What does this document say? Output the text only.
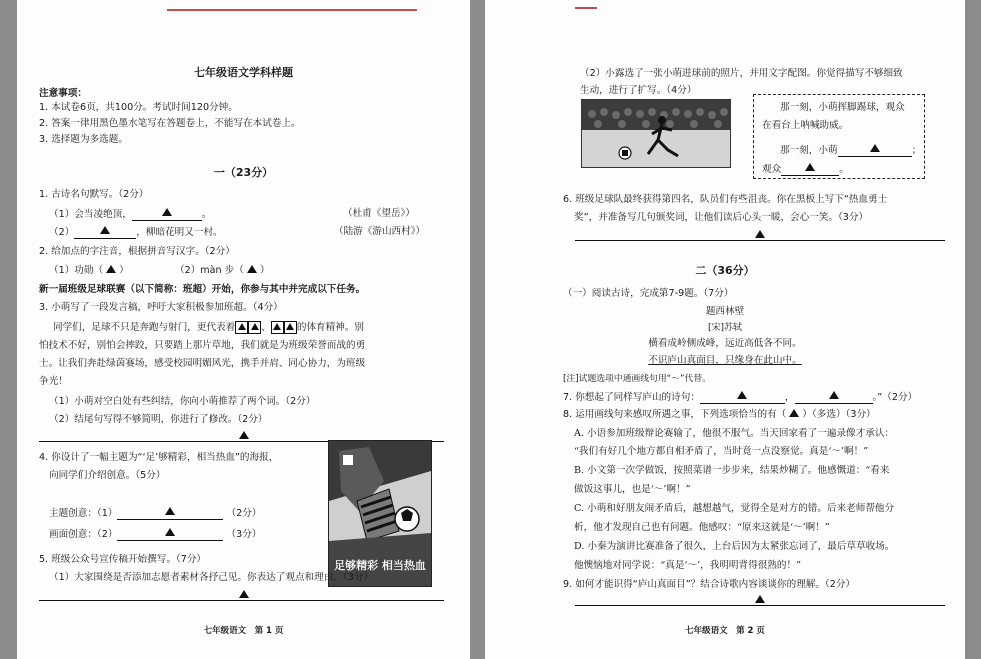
七年级语文学科样题
注意事项：
1. 本试卷6页，共100分。考试时间120分钟。
2. 答案一律用黑色墨水笔写在答题卷上，不能写在本试卷上。
3. 选择题为多选题。
一（23分）
1. 古诗名句默写。（2分）
（1）会当凌绝顶，	。	（杜甫《望岳》）
（2）	，柳暗花明又一村。	（陆游《游山西村》）
2. 给加点的字注音，根据拼音写汉字。（2分）
（1）功勋（ ）	（2）màn 步（ ）
新一届班级足球联赛（以下简称：班超）开始，你参与其中并完成以下任务。
3. 小萌写了一段发言稿，呼吁大家积极参加班超。（4分）
同学们，足球不只是奔跑与射门，更代表着	、	的体育精神。别
怕技术不好，别怕会摔跤，只要踏上那片草地，我们就是为班级荣誉而战的勇
士。让我们奔赴绿茵赛场，感受校园明媚风光，携手并肩、同心协力，为班级
争光！
（1）小萌对空白处有些纠结，你向小萌推荐了两个词。（2分）
（2）结尾句写得不够简明，你进行了修改。（2分）
4. 你设计了一幅主题为“‘足’够精彩，相当热血”的海报，
向同学们介绍创意。（5分）
主题创意：（1）	（2分）
画面创意：（2）	（3分）
足够精彩 相当热血
5. 班级公众号宣传稿开始撰写。（7分）
（1）大家围绕是否添加志愿者素材各抒己见。你表达了观点和理由。（3分）
七年级语文　第 1 页
（2）小露选了一张小萌进球前的照片，并用文字配图。你觉得描写不够细致
生动，进行了扩写。（4分）
那一刻，小萌挥脚踢球，观众
在看台上呐喊助威。
那一刻，小萌	；
观众	。
6. 班级足球队最终获得第四名，队员们有些沮丧。你在黑板上写下“热血勇士
奖”，并准备写几句颁奖词，让他们读后心头一暖，会心一笑。（3分）
二（36分）
（一）阅读古诗，完成第7-9题。（7分）
题西林壁
[宋]苏轼
横看成岭侧成峰，远近高低各不同。
不识庐山真面目，只缘身在此山中。
[注]试题选项中通画线句用“～”代替。
7. 你想起了同样写庐山的诗句：	，	。”（2分）
8. 运用画线句来感叹所遇之事，下列选项恰当的有（ ）（多选）（3分）
A. 小语参加班级辩论赛输了，他很不服气。当天回家看了一遍录像才承认：
“我们有好几个地方都自相矛盾了，当时竟一点没察觉。真是‘～’啊！”
B. 小文第一次学做饭，按照菜谱一步步来，结果炒糊了。他感慨道：“看来
做饭这事儿，也是‘～’啊！”
C. 小萌和好朋友闹矛盾后，越想越气，觉得全是对方的错。后来老师帮他分
析，他才发现自己也有问题。他感叹：“原来这就是‘～’啊！”
D. 小秦为演讲比赛准备了很久，上台后因为太紧张忘词了，最后草草收场。
他懊恼地对同学说：“真是‘～’，我明明背得很熟的！”
9. 如何才能识得“庐山真面目”？结合诗歌内容谈谈你的理解。（2分）
七年级语文　第 2 页
